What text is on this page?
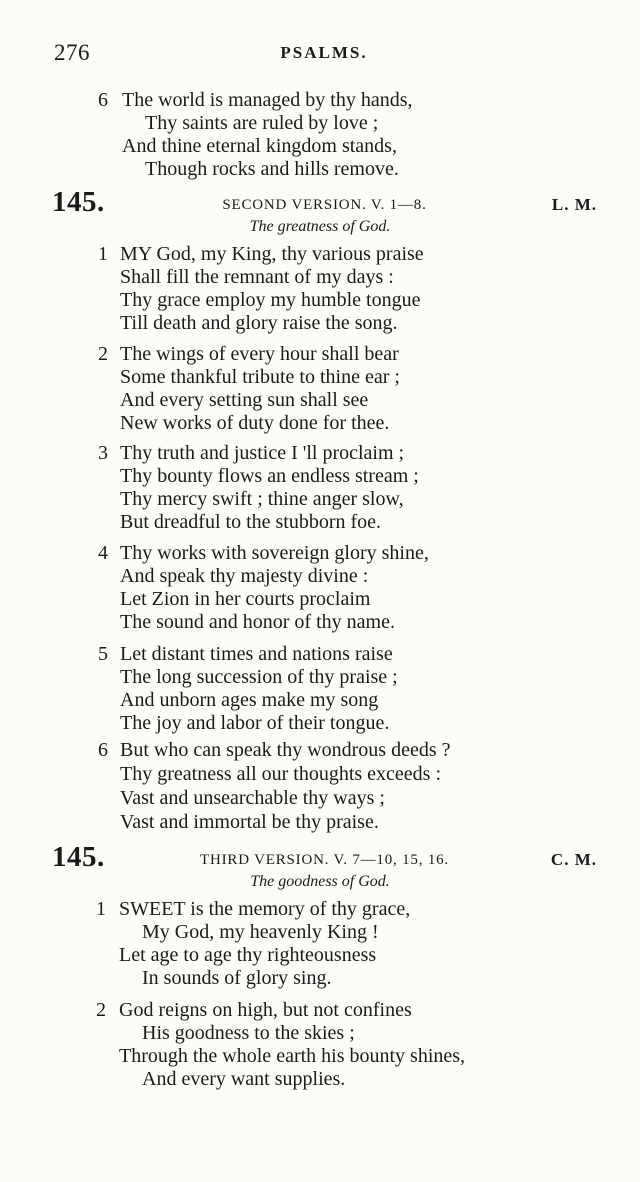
276	PSALMS.
6 The world is managed by thy hands,
Thy saints are ruled by love ;
And thine eternal kingdom stands,
Though rocks and hills remove.
145.	SECOND VERSION. V. 1—8.	L. M.
The greatness of God.
1 MY God, my King, thy various praise
Shall fill the remnant of my days :
Thy grace employ my humble tongue
Till death and glory raise the song.
2 The wings of every hour shall bear
Some thankful tribute to thine ear ;
And every setting sun shall see
New works of duty done for thee.
3 Thy truth and justice I 'll proclaim ;
Thy bounty flows an endless stream ;
Thy mercy swift ; thine anger slow,
But dreadful to the stubborn foe.
4 Thy works with sovereign glory shine,
And speak thy majesty divine :
Let Zion in her courts proclaim
The sound and honor of thy name.
5 Let distant times and nations raise
The long succession of thy praise ;
And unborn ages make my song
The joy and labor of their tongue.
6 But who can speak thy wondrous deeds ?
Thy greatness all our thoughts exceeds :
Vast and unsearchable thy ways ;
Vast and immortal be thy praise.
145.	THIRD VERSION. V. 7—10, 15, 16.	C. M.
The goodness of God.
1 SWEET is the memory of thy grace,
My God, my heavenly King !
Let age to age thy righteousness
In sounds of glory sing.
2 God reigns on high, but not confines
His goodness to the skies ;
Through the whole earth his bounty shines,
And every want supplies.
